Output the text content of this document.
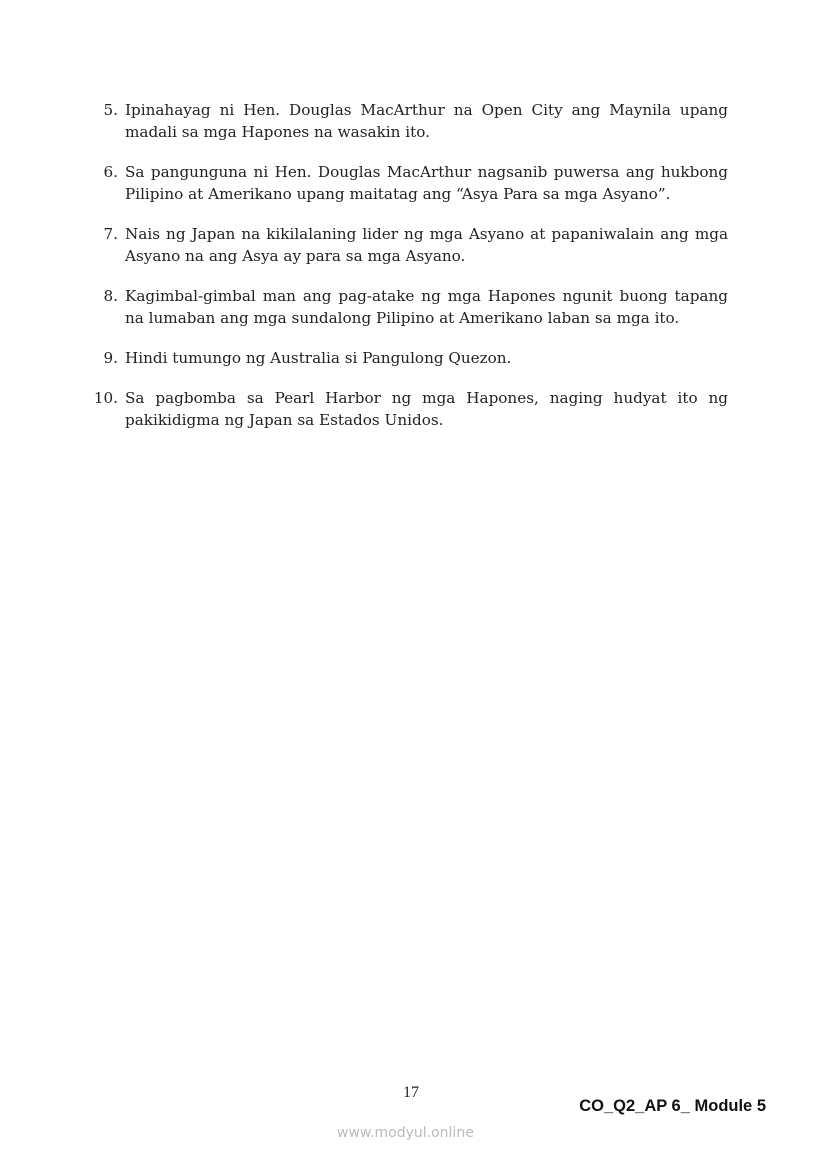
5. Ipinahayag ni Hen. Douglas MacArthur na Open City ang Maynila upang madali sa mga Hapones na wasakin ito.
6. Sa pangunguna ni Hen. Douglas MacArthur nagsanib puwersa ang hukbong Pilipino at Amerikano upang maitatag ang “Asya Para sa mga Asyano”.
7. Nais ng Japan na kikilalaning lider ng mga Asyano at papaniwalain ang mga Asyano na ang Asya ay para sa mga Asyano.
8. Kagimbal-gimbal man ang pag-atake ng mga Hapones ngunit buong tapang na lumaban ang mga sundalong Pilipino at Amerikano laban sa mga ito.
9. Hindi tumungo ng Australia si Pangulong Quezon.
10. Sa pagbomba sa Pearl Harbor ng mga Hapones, naging hudyat ito ng pakikidigma ng Japan sa Estados Unidos.
17
CO_Q2_AP 6_ Module 5
www.modyul.online
